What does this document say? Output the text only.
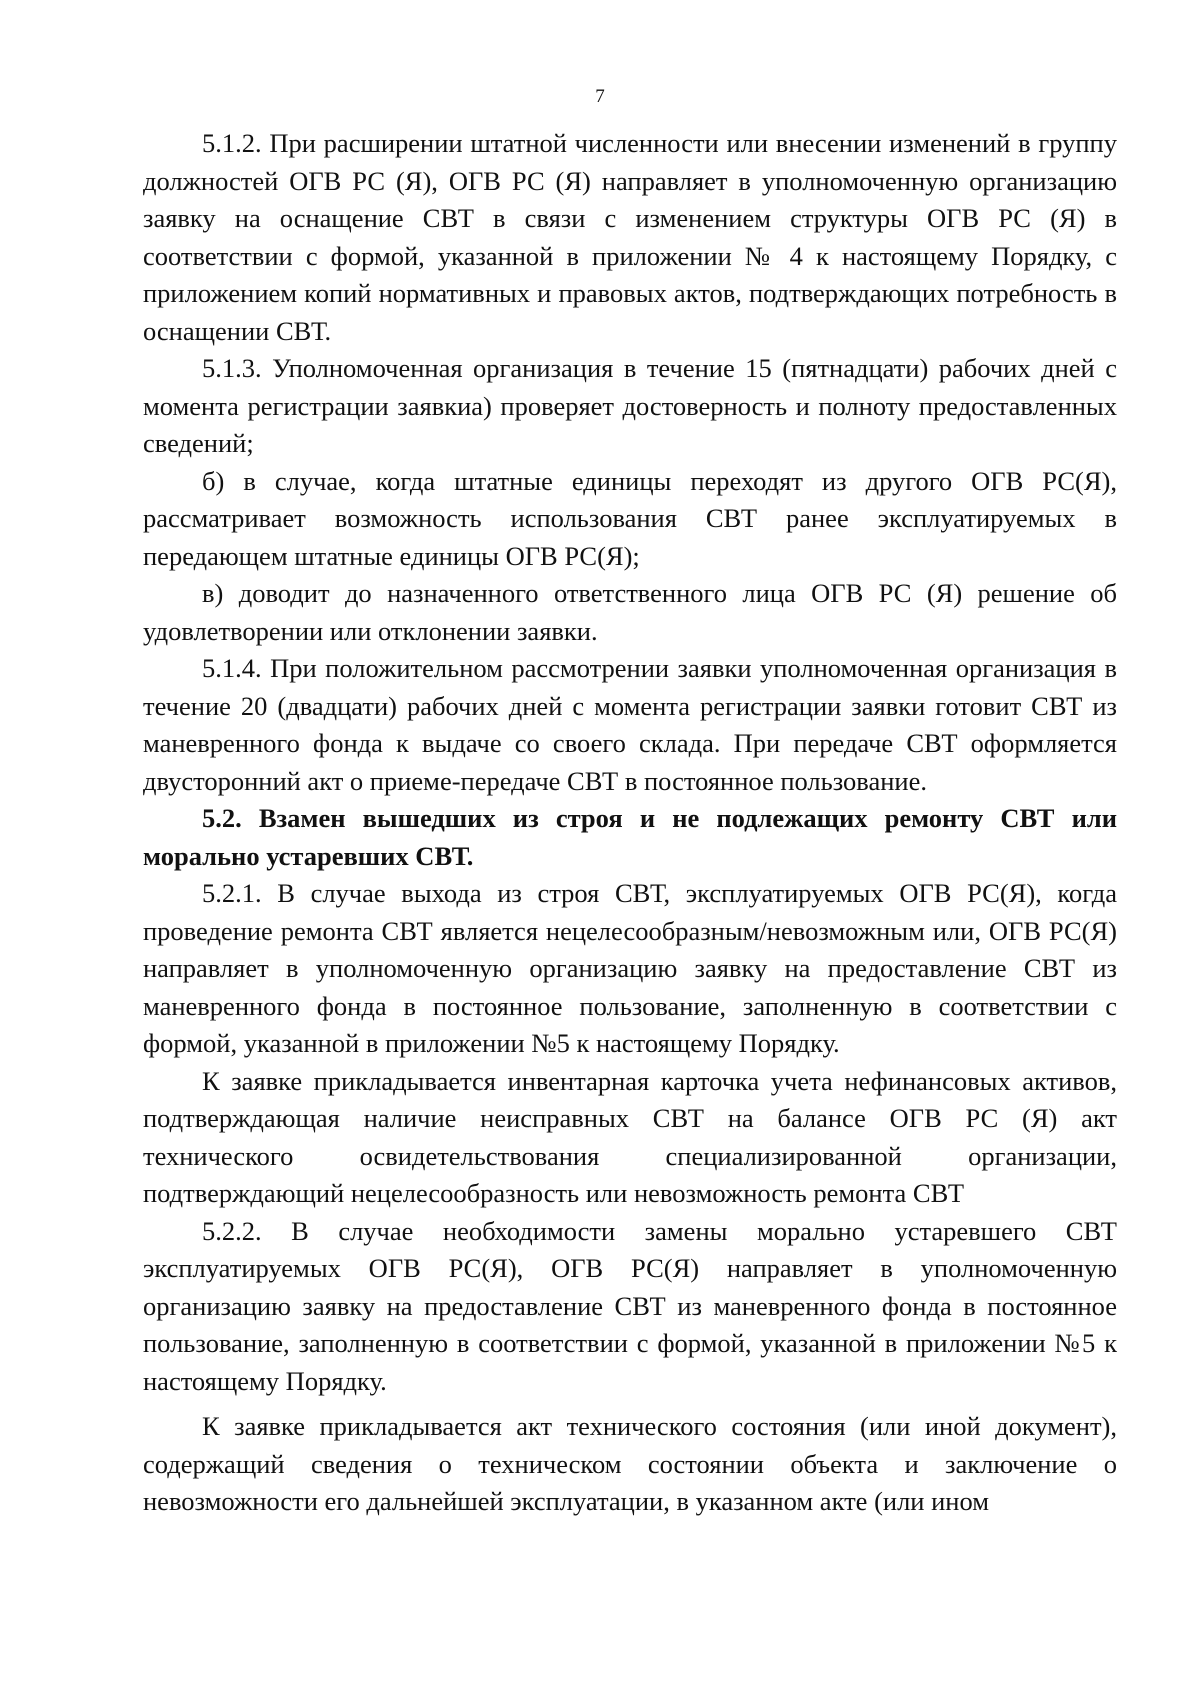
7

5.1.2. При расширении штатной численности или внесении изменений в группу должностей ОГВ РС (Я), ОГВ РС (Я) направляет в уполномоченную организацию заявку на оснащение СВТ в связи с изменением структуры ОГВ РС (Я) в соответствии с формой, указанной в приложении № 4 к настоящему Порядку, с приложением копий нормативных и правовых актов, подтверждающих потребность в оснащении СВТ.

5.1.3. Уполномоченная организация в течение 15 (пятнадцати) рабочих дней с момента регистрации заявкиа) проверяет достоверность и полноту предоставленных сведений;

б) в случае, когда штатные единицы переходят из другого ОГВ РС(Я), рассматривает возможность использования СВТ ранее эксплуатируемых в передающем штатные единицы ОГВ РС(Я);

в) доводит до назначенного ответственного лица ОГВ РС (Я) решение об удовлетворении или отклонении заявки.

5.1.4. При положительном рассмотрении заявки уполномоченная организация в течение 20 (двадцати) рабочих дней с момента регистрации заявки готовит СВТ из маневренного фонда к выдаче со своего склада. При передаче СВТ оформляется двусторонний акт о приеме-передаче СВТ в постоянное пользование.

5.2. Взамен вышедших из строя и не подлежащих ремонту СВТ или морально устаревших СВТ.

5.2.1. В случае выхода из строя СВТ, эксплуатируемых ОГВ РС(Я), когда проведение ремонта СВТ является нецелесообразным/невозможным или, ОГВ РС(Я) направляет в уполномоченную организацию заявку на предоставление СВТ из маневренного фонда в постоянное пользование, заполненную в соответствии с формой, указанной в приложении №5 к настоящему Порядку.

К заявке прикладывается инвентарная карточка учета нефинансовых активов, подтверждающая наличие неисправных СВТ на балансе ОГВ РС (Я) акт технического освидетельствования специализированной организации, подтверждающий нецелесообразность или невозможность ремонта СВТ

5.2.2. В случае необходимости замены морально устаревшего СВТ эксплуатируемых ОГВ РС(Я), ОГВ РС(Я) направляет в уполномоченную организацию заявку на предоставление СВТ из маневренного фонда в постоянное пользование, заполненную в соответствии с формой, указанной в приложении №5 к настоящему Порядку.

К заявке прикладывается акт технического состояния (или иной документ), содержащий сведения о техническом состоянии объекта и заключение о невозможности его дальнейшей эксплуатации, в указанном акте (или ином
